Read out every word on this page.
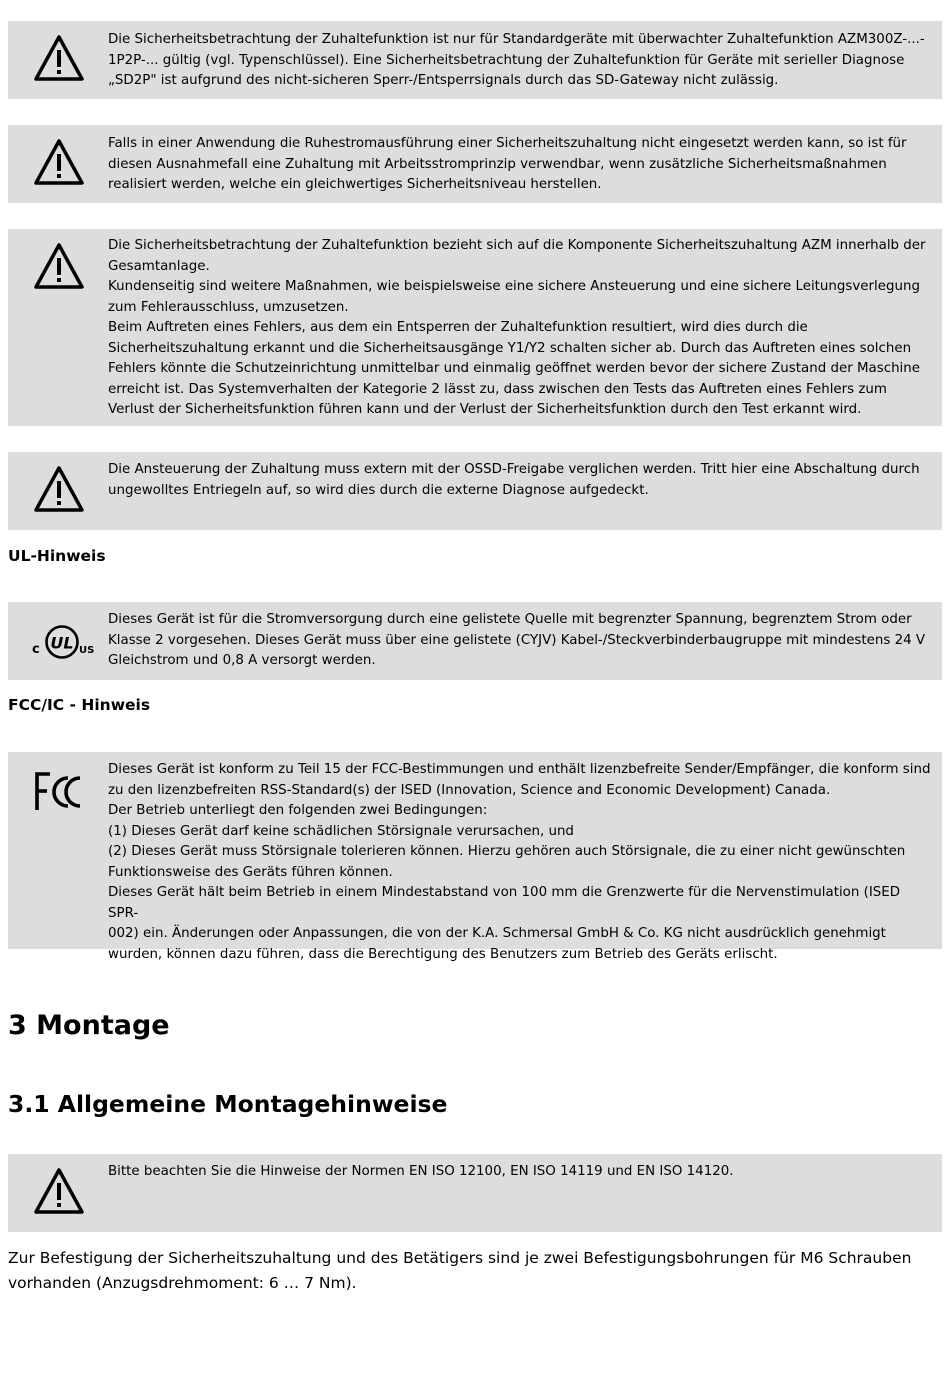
Die Sicherheitsbetrachtung der Zuhaltefunktion ist nur für Standardgeräte mit überwachter Zuhaltefunktion AZM300Z-...-

1P2P-... gültig (vgl. Typenschlüssel). Eine Sicherheitsbetrachtung der Zuhaltefunktion für Geräte mit serieller Diagnose

„SD2P" ist aufgrund des nicht-sicheren Sperr-/Entsperrsignals durch das SD-Gateway nicht zulässig.

Falls in einer Anwendung die Ruhestromausführung einer Sicherheitszuhaltung nicht eingesetzt werden kann, so ist für

diesen Ausnahmefall eine Zuhaltung mit Arbeitsstromprinzip verwendbar, wenn zusätzliche Sicherheitsmaßnahmen

realisiert werden, welche ein gleichwertiges Sicherheitsniveau herstellen.

Die Sicherheitsbetrachtung der Zuhaltefunktion bezieht sich auf die Komponente Sicherheitszuhaltung AZM innerhalb der

Gesamtanlage.

Kundenseitig sind weitere Maßnahmen, wie beispielsweise eine sichere Ansteuerung und eine sichere Leitungsverlegung

zum Fehlerausschluss, umzusetzen.

Beim Auftreten eines Fehlers, aus dem ein Entsperren der Zuhaltefunktion resultiert, wird dies durch die

Sicherheitszuhaltung erkannt und die Sicherheitsausgänge Y1/Y2 schalten sicher ab. Durch das Auftreten eines solchen

Fehlers könnte die Schutzeinrichtung unmittelbar und einmalig geöffnet werden bevor der sichere Zustand der Maschine

erreicht ist. Das Systemverhalten der Kategorie 2 lässt zu, dass zwischen den Tests das Auftreten eines Fehlers zum

Verlust der Sicherheitsfunktion führen kann und der Verlust der Sicherheitsfunktion durch den Test erkannt wird.

Die Ansteuerung der Zuhaltung muss extern mit der OSSD-Freigabe verglichen werden. Tritt hier eine Abschaltung durch

ungewolltes Entriegeln auf, so wird dies durch die externe Diagnose aufgedeckt.

UL-Hinweis
UL
c	US

Dieses Gerät ist für die Stromversorgung durch eine gelistete Quelle mit begrenzter Spannung, begrenztem Strom oder

Klasse 2 vorgesehen. Dieses Gerät muss über eine gelistete (CYJV) Kabel-/Steckverbinderbaugruppe mit mindestens 24 V

Gleichstrom und 0,8 A versorgt werden.

FCC/IC - Hinweis

Dieses Gerät ist konform zu Teil 15 der FCC-Bestimmungen und enthält lizenzbefreite Sender/Empfänger, die konform sind

zu den lizenzbefreiten RSS-Standard(s) der ISED (Innovation, Science and Economic Development) Canada.

Der Betrieb unterliegt den folgenden zwei Bedingungen:

(1) Dieses Gerät darf keine schädlichen Störsignale verursachen, und

(2) Dieses Gerät muss Störsignale tolerieren können. Hierzu gehören auch Störsignale, die zu einer nicht gewünschten

Funktionsweise des Geräts führen können.

Dieses Gerät hält beim Betrieb in einem Mindestabstand von 100 mm die Grenzwerte für die Nervenstimulation (ISED SPR-

002) ein. Änderungen oder Anpassungen, die von der K.A. Schmersal GmbH & Co. KG nicht ausdrücklich genehmigt

wurden, können dazu führen, dass die Berechtigung des Benutzers zum Betrieb des Geräts erlischt.

3 Montage
3.1 Allgemeine Montagehinweise

Bitte beachten Sie die Hinweise der Normen EN ISO 12100, EN ISO 14119 und EN ISO 14120.

Zur Befestigung der Sicherheitszuhaltung und des Betätigers sind je zwei Befestigungsbohrungen für M6 Schrauben

vorhanden (Anzugsdrehmoment: 6 … 7 Nm).
